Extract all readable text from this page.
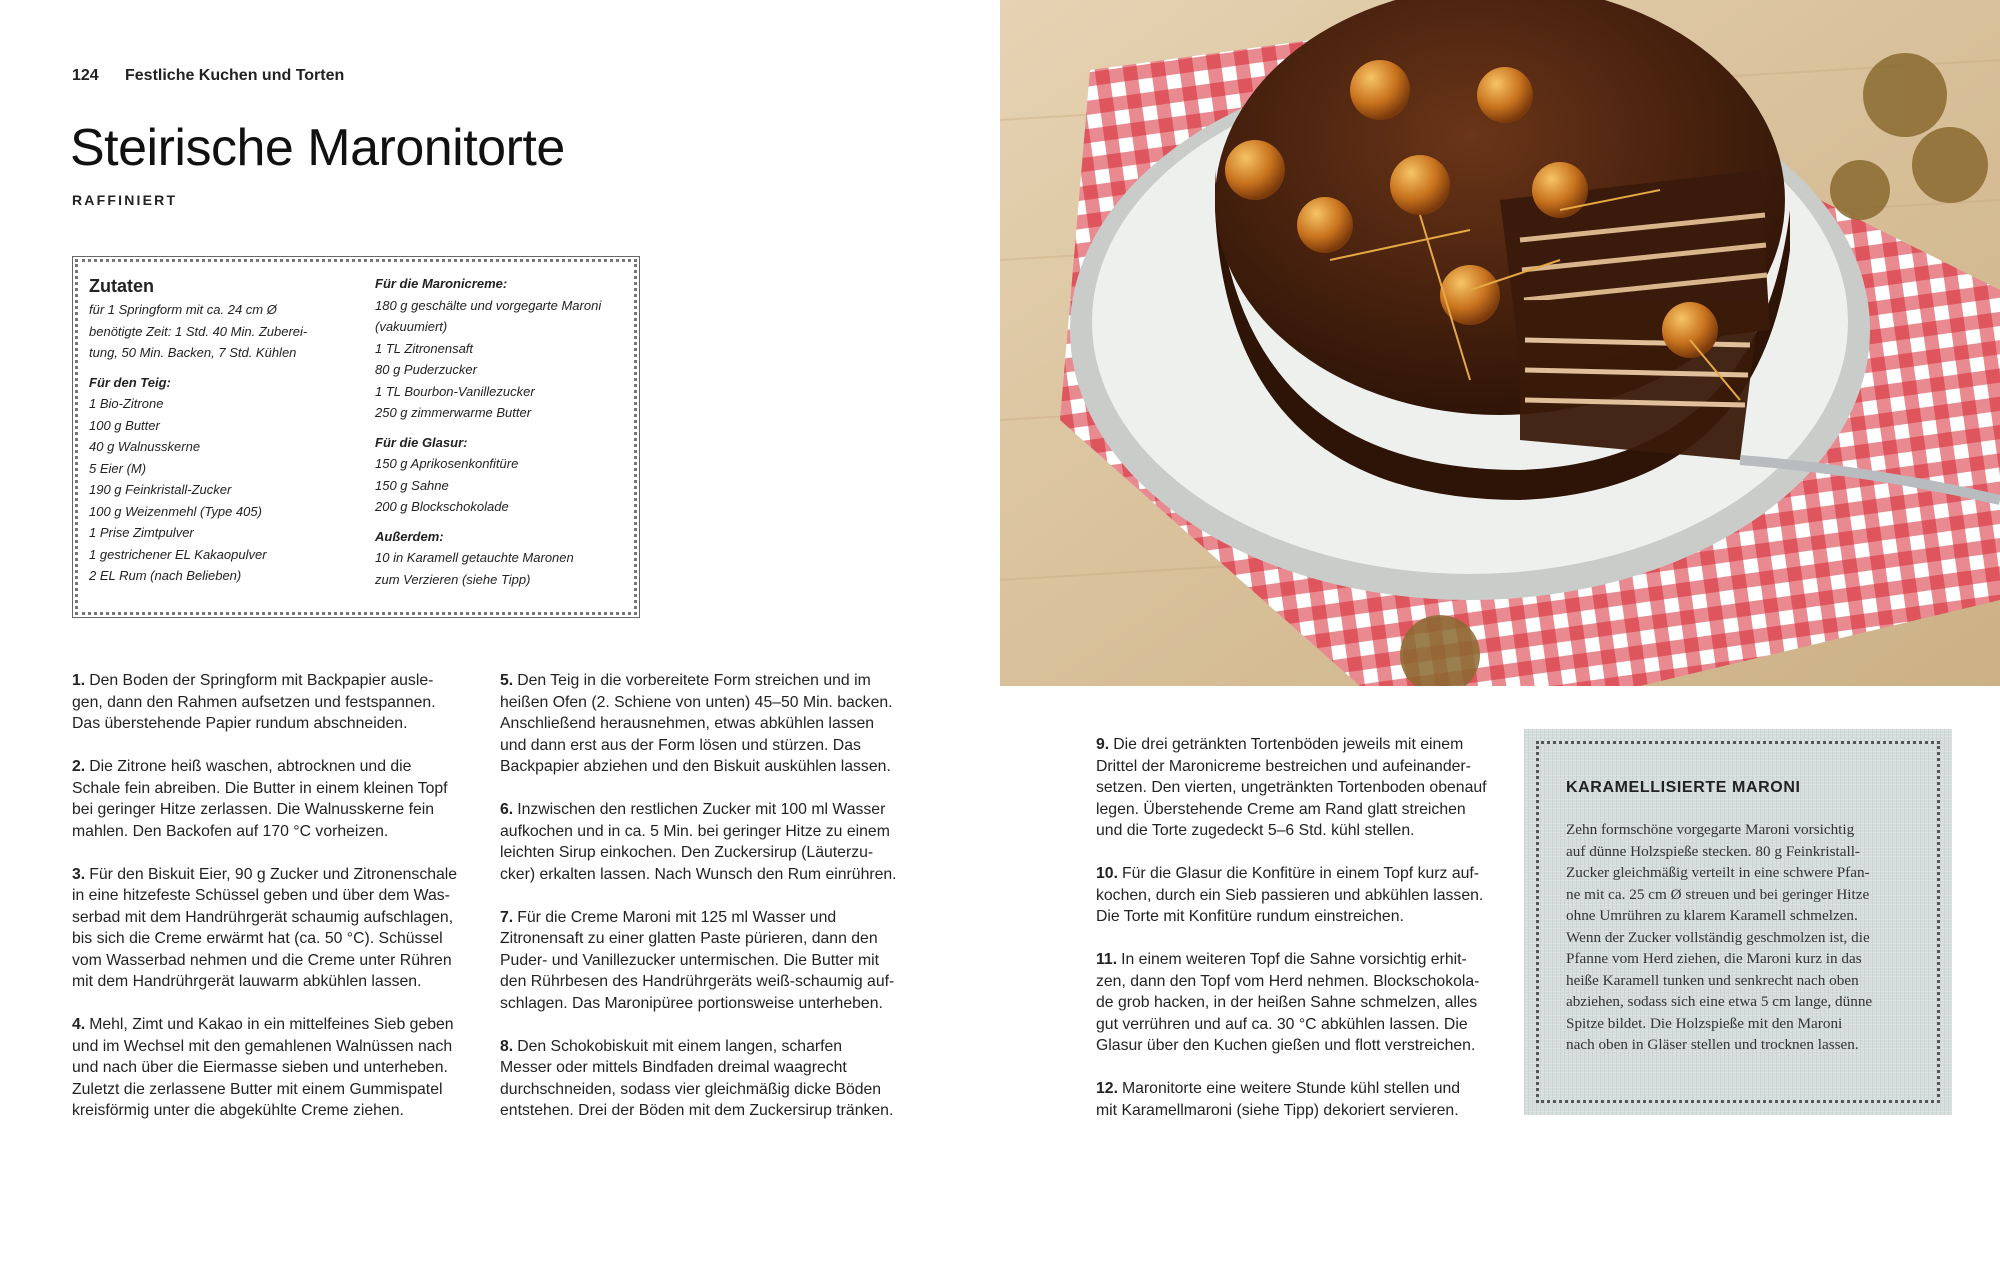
124 Festliche Kuchen und Torten
Steirische Maronitorte
RAFFINIERT
Zutaten
für 1 Springform mit ca. 24 cm Ø
benötigte Zeit: 1 Std. 40 Min. Zuberei-
tung, 50 Min. Backen, 7 Std. Kühlen
Für den Teig:
1 Bio-Zitrone
100 g Butter
40 g Walnusskerne
5 Eier (M)
190 g Feinkristall-Zucker
100 g Weizenmehl (Type 405)
1 Prise Zimtpulver
1 gestrichener EL Kakaopulver
2 EL Rum (nach Belieben)
Für die Maronicreme:
180 g geschälte und vorgegarte Maroni
(vakuumiert)
1 TL Zitronensaft
80 g Puderzucker
1 TL Bourbon-Vanillezucker
250 g zimmerwarme Butter
Für die Glasur:
150 g Aprikosenkonfitüre
150 g Sahne
200 g Blockschokolade
Außerdem:
10 in Karamell getauchte Maronen
zum Verzieren (siehe Tipp)
1. Den Boden der Springform mit Backpapier ausle-
gen, dann den Rahmen aufsetzen und festspannen.
Das überstehende Papier rundum abschneiden.
2. Die Zitrone heiß waschen, abtrocknen und die
Schale fein abreiben. Die Butter in einem kleinen Topf
bei geringer Hitze zerlassen. Die Walnusskerne fein
mahlen. Den Backofen auf 170 °C vorheizen.
3. Für den Biskuit Eier, 90 g Zucker und Zitronenschale
in eine hitzefeste Schüssel geben und über dem Was-
serbad mit dem Handrührgerät schaumig aufschlagen,
bis sich die Creme erwärmt hat (ca. 50 °C). Schüssel
vom Wasserbad nehmen und die Creme unter Rühren
mit dem Handrührgerät lauwarm abkühlen lassen.
4. Mehl, Zimt und Kakao in ein mittelfeines Sieb geben
und im Wechsel mit den gemahlenen Walnüssen nach
und nach über die Eiermasse sieben und unterheben.
Zuletzt die zerlassene Butter mit einem Gummispatel
kreisförmig unter die abgekühlte Creme ziehen.
5. Den Teig in die vorbereitete Form streichen und im
heißen Ofen (2. Schiene von unten) 45–50 Min. backen.
Anschließend herausnehmen, etwas abkühlen lassen
und dann erst aus der Form lösen und stürzen. Das
Backpapier abziehen und den Biskuit auskühlen lassen.
6. Inzwischen den restlichen Zucker mit 100 ml Wasser
aufkochen und in ca. 5 Min. bei geringer Hitze zu einem
leichten Sirup einkochen. Den Zuckersirup (Läuterzu-
cker) erkalten lassen. Nach Wunsch den Rum einrühren.
7. Für die Creme Maroni mit 125 ml Wasser und
Zitronensaft zu einer glatten Paste pürieren, dann den
Puder- und Vanillezucker untermischen. Die Butter mit
den Rührbesen des Handrührgeräts weiß-schaumig auf-
schlagen. Das Maronipüree portionsweise unterheben.
8. Den Schokobiskuit mit einem langen, scharfen
Messer oder mittels Bindfaden dreimal waagrecht
durchschneiden, sodass vier gleichmäßig dicke Böden
entstehen. Drei der Böden mit dem Zuckersirup tränken.
9. Die drei getränkten Tortenböden jeweils mit einem
Drittel der Maronicreme bestreichen und aufeinander-
setzen. Den vierten, ungetränkten Tortenboden obenauf
legen. Überstehende Creme am Rand glatt streichen
und die Torte zugedeckt 5–6 Std. kühl stellen.
10. Für die Glasur die Konfitüre in einem Topf kurz auf-
kochen, durch ein Sieb passieren und abkühlen lassen.
Die Torte mit Konfitüre rundum einstreichen.
11. In einem weiteren Topf die Sahne vorsichtig erhit-
zen, dann den Topf vom Herd nehmen. Blockschokola-
de grob hacken, in der heißen Sahne schmelzen, alles
gut verrühren und auf ca. 30 °C abkühlen lassen. Die
Glasur über den Kuchen gießen und flott verstreichen.
12. Maronitorte eine weitere Stunde kühl stellen und
mit Karamellmaroni (siehe Tipp) dekoriert servieren.
KARAMELLISIERTE MARONI
Zehn formschöne vorgegarte Maroni vorsichtig
auf dünne Holzspieße stecken. 80 g Feinkristall-
Zucker gleichmäßig verteilt in eine schwere Pfan-
ne mit ca. 25 cm Ø streuen und bei geringer Hitze
ohne Umrühren zu klarem Karamell schmelzen.
Wenn der Zucker vollständig geschmolzen ist, die
Pfanne vom Herd ziehen, die Maroni kurz in das
heiße Karamell tunken und senkrecht nach oben
abziehen, sodass sich eine etwa 5 cm lange, dünne
Spitze bildet. Die Holzspieße mit den Maroni
nach oben in Gläser stellen und trocknen lassen.
